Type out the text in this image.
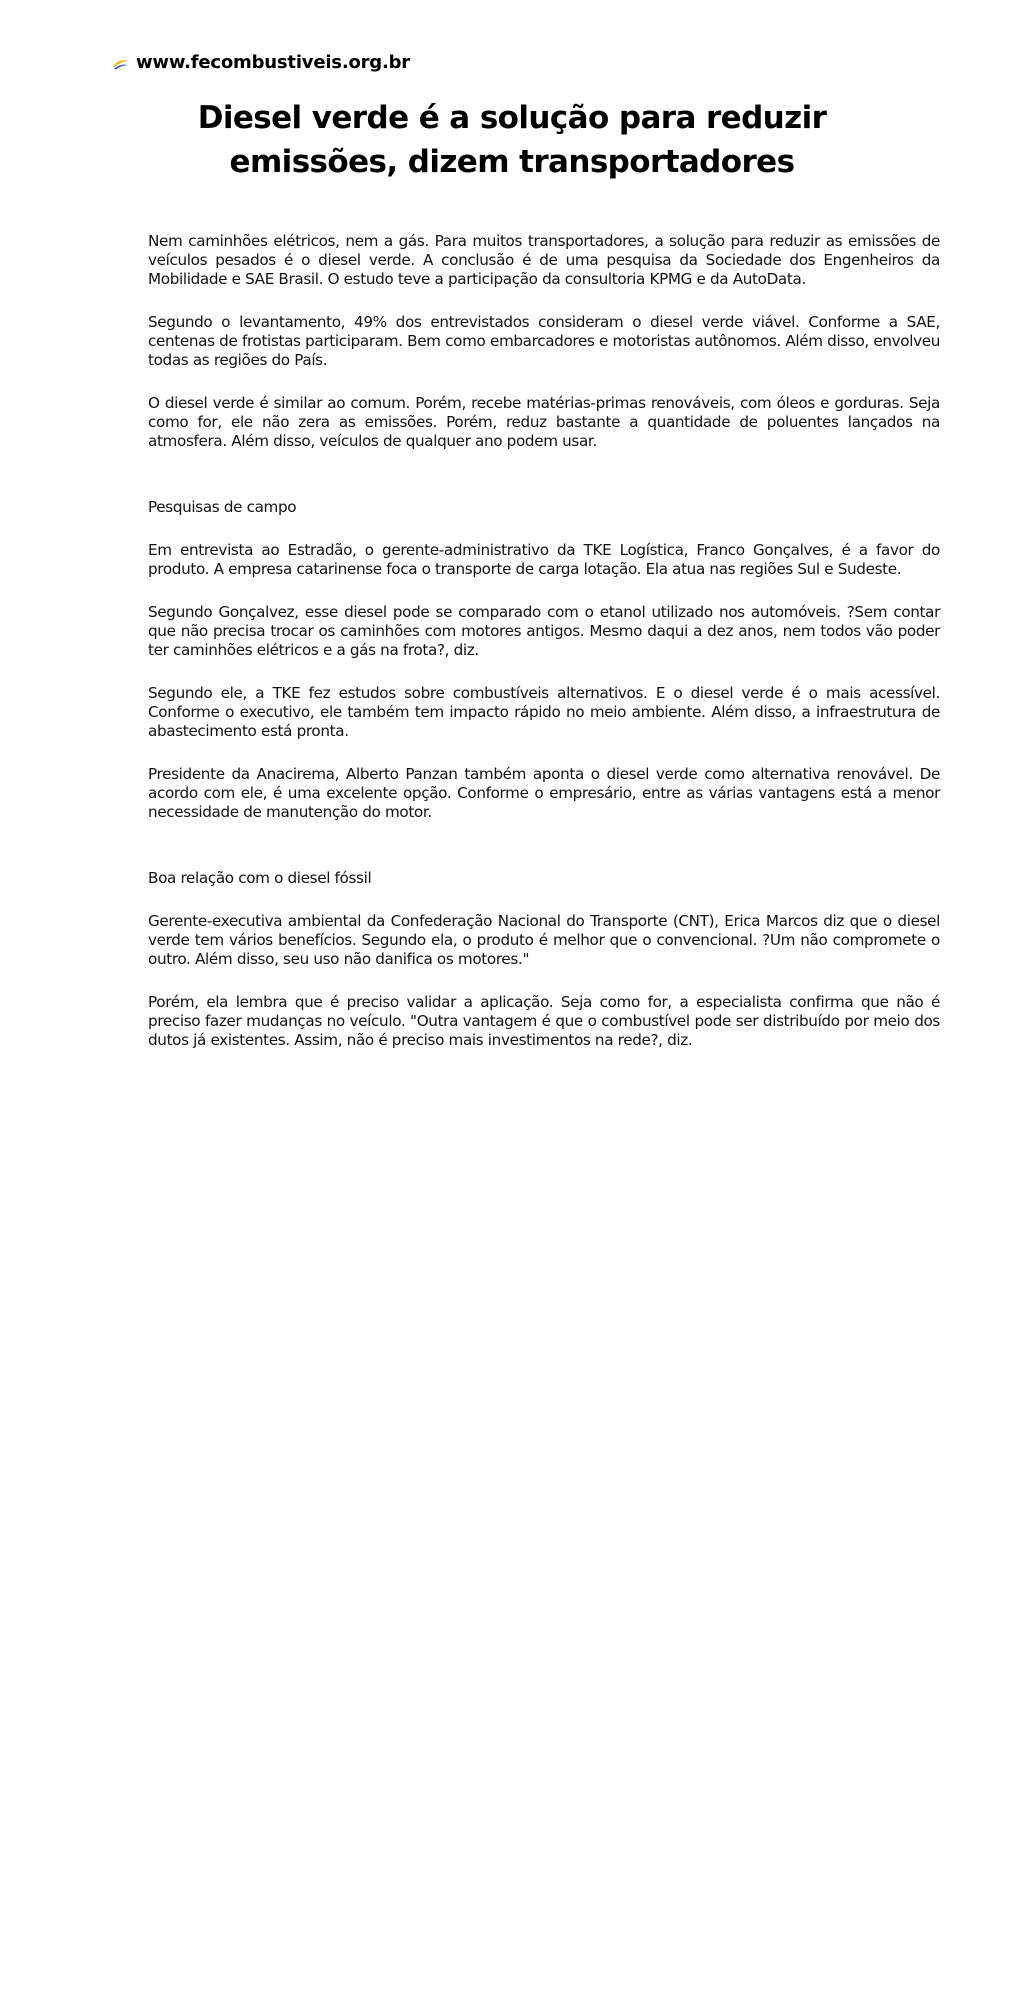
www.fecombustiveis.org.br
Diesel verde é a solução para reduzir emissões, dizem transportadores

Nem caminhões elétricos, nem a gás. Para muitos transportadores, a solução para reduzir as emissões de veículos pesados é o diesel verde. A conclusão é de uma pesquisa da Sociedade dos Engenheiros da Mobilidade e SAE Brasil. O estudo teve a participação da consultoria KPMG e da AutoData.

Segundo o levantamento, 49% dos entrevistados consideram o diesel verde viável. Conforme a SAE, centenas de frotistas participaram. Bem como embarcadores e motoristas autônomos. Além disso, envolveu todas as regiões do País.

O diesel verde é similar ao comum. Porém, recebe matérias-primas renováveis, com óleos e gorduras. Seja como for, ele não zera as emissões. Porém, reduz bastante a quantidade de poluentes lançados na atmosfera. Além disso, veículos de qualquer ano podem usar.

Pesquisas de campo

Em entrevista ao Estradão, o gerente-administrativo da TKE Logística, Franco Gonçalves, é a favor do produto. A empresa catarinense foca o transporte de carga lotação. Ela atua nas regiões Sul e Sudeste.

Segundo Gonçalvez, esse diesel pode se comparado com o etanol utilizado nos automóveis. ?Sem contar que não precisa trocar os caminhões com motores antigos. Mesmo daqui a dez anos, nem todos vão poder ter caminhões elétricos e a gás na frota?, diz.

Segundo ele, a TKE fez estudos sobre combustíveis alternativos. E o diesel verde é o mais acessível. Conforme o executivo, ele também tem impacto rápido no meio ambiente. Além disso, a infraestrutura de abastecimento está pronta.

Presidente da Anacirema, Alberto Panzan também aponta o diesel verde como alternativa renovável. De acordo com ele, é uma excelente opção. Conforme o empresário, entre as várias vantagens está a menor necessidade de manutenção do motor.

Boa relação com o diesel fóssil

Gerente-executiva ambiental da Confederação Nacional do Transporte (CNT), Erica Marcos diz que o diesel verde tem vários benefícios. Segundo ela, o produto é melhor que o convencional. ?Um não compromete o outro. Além disso, seu uso não danifica os motores."

Porém, ela lembra que é preciso validar a aplicação. Seja como for, a especialista confirma que não é preciso fazer mudanças no veículo. "Outra vantagem é que o combustível pode ser distribuído por meio dos dutos já existentes. Assim, não é preciso mais investimentos na rede?, diz.
